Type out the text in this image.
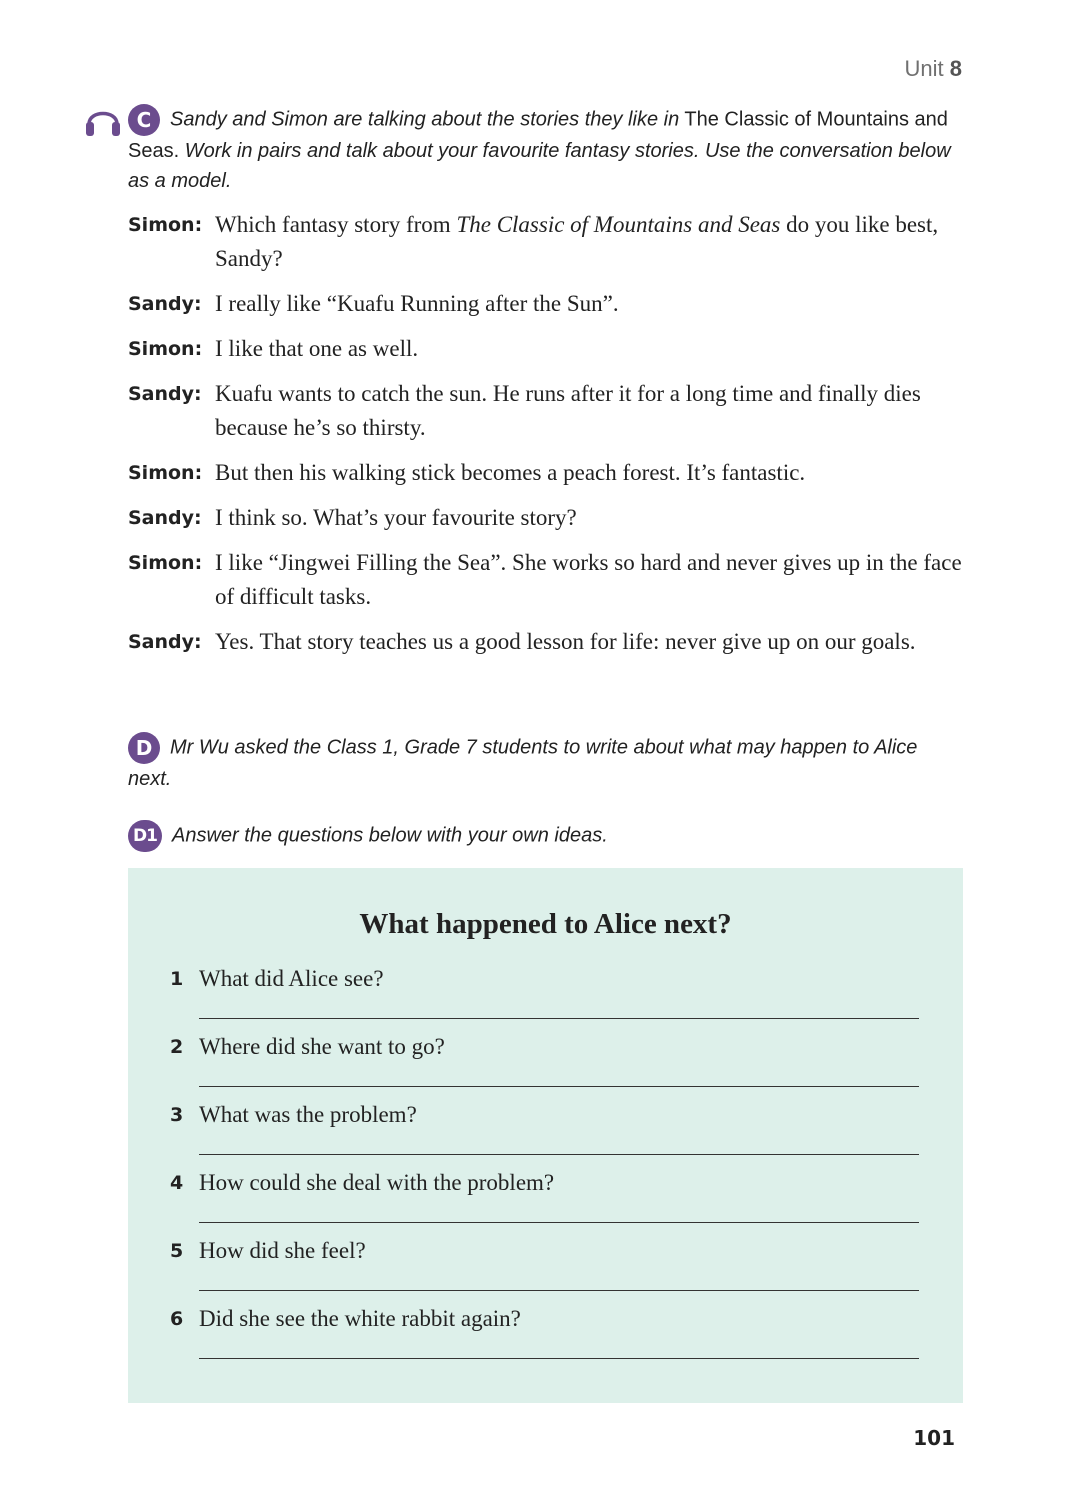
Unit 8
C Sandy and Simon are talking about the stories they like in The Classic of Mountains and Seas. Work in pairs and talk about your favourite fantasy stories. Use the conversation below as a model.
Simon: Which fantasy story from The Classic of Mountains and Seas do you like best, Sandy?
Sandy: I really like “Kuafu Running after the Sun”.
Simon: I like that one as well.
Sandy: Kuafu wants to catch the sun. He runs after it for a long time and finally dies because he’s so thirsty.
Simon: But then his walking stick becomes a peach forest. It’s fantastic.
Sandy: I think so. What’s your favourite story?
Simon: I like “Jingwei Filling the Sea”. She works so hard and never gives up in the face of difficult tasks.
Sandy: Yes. That story teaches us a good lesson for life: never give up on our goals.
D Mr Wu asked the Class 1, Grade 7 students to write about what may happen to Alice next.
D1 Answer the questions below with your own ideas.
What happened to Alice next?
1 What did Alice see?
2 Where did she want to go?
3 What was the problem?
4 How could she deal with the problem?
5 How did she feel?
6 Did she see the white rabbit again?
101
